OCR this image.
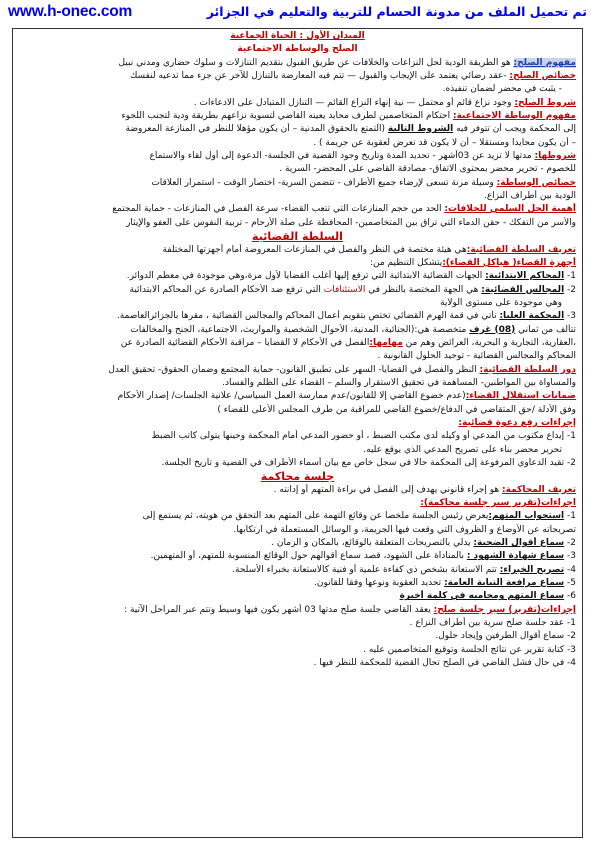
www.h-onec.com	تم تحميل الملف من مدونة الحسام للتربية والتعليم في الجزائر
الميدان الأول : الحياة الجماعية
الصلح والوساطة الاجتماعية
مفهوم الصلح: هو الطريقة الودية لحل النزاعات والخلافات عن طريق القبول بتقديم التنازلات و سلوك حضاري ومدني نبيل
خصائص الصلح: -عقد رضائي يعتمد على الإيجاب والقبول — تتم فيه المعارضة بالتنازل للآخر عن جزء مما تدعيه لنفسك
- يثبت في محضر لضمان تنفيذه.
شروط الصلح: وجود نزاع قائم أو محتمل — نية إنهاء النزاع القائم — التنازل المتبادل على الادعاءات .
مفهوم الوساطة الاجتماعية: احتكام المتخاصمين لطرف محايد يعينه القاضي لتسوية نزاعهم بطريقة ودية لتجنب اللجوء
إلى المحكمة ويجب أن تتوفر فيه الشروط التالية (التمتع بالحقوق المدنية – أن يكون مؤهلا للنظر في المنازعة المعروضة
– أن يكون محايدا ومستقلا – أن لا يكون قد تعرض لعقوبة عن جريمة ) .
شروطها: مدتها لا تزيد عن 03أشهر - تحديد المدة وتاريخ وجود القضية في الجلسة- الدعوة إلى أول لقاء والاستماع
للخصوم - تحرير محضر بمحتوى الاتفاق- مصادقة القاضي على المحضر- السرية .
خصائص الوساطة: وسيلة مرنة تسعى لإرضاء جميع الأطراف - تتضمن السرية- اختصار الوقت - استمرار العلاقات
الودية بين أطراف النزاع.
أهمية الحل السلمي للخلافات: الحد من حجم المنازعات التي تتعب القضاء- سرعة الفصل في المنازعات - حماية المجتمع
والأسر من التفكك - حقن الدماء التي تراق بين المتخاصمين- المحافظة على صلة الأرحام - تربية النفوس على العفو والإيثار
السلطة القضائية
تعريف السلطة القضائية:هي هيئة مختصة في النظر والفصل في المنازعات المعروضة أمام أجهزتها المختلفة
أجهزة القضاء( هياكل القضاء):يتشكل التنظيم من:
1- المحاكم الابتدائية: الجهات القضائية الابتدائية التي ترفع إليها أغلب القضايا لأول مرة،وهي موجودة في معظم الدوائر.
2- المجالس القضائية: هي الجهة المختصة بالنظر في الاستئنافات التي ترفع ضد الأحكام الصادرة عن المحاكم الابتدائية
وهي موجودة على مستوى الولاية
3- المحكمة العليا: تأتي في قمة الهرم القضائي تختص بتقويم أعمال المحاكم والمجالس القضائية ، مقرها بالجزائرالعاصمة.
تتألف من ثماني (08) غرف متخصصة هي:(الجنائية، المدنية، الأحوال الشخصية والمواريث، الاجتماعية، الجنح والمخالفات
،العقارية، التجارية و البحرية، العرائض وهم من مهامها:الفصل في الأحكام لا القضايا – مراقبة الأحكام القضائية الصادرة عن
المحاكم والمجالس القضائية - توحيد الحلول القانونية .
دور السلطة القضائية: النظر والفصل في القضايا- السهر على تطبيق القانون- حماية المجتمع وضمان الحقوق- تحقيق العدل
والمساواة بين المواطنين- المساهمة في تحقيق الاستقرار والسلم – القضاء على الظلم والفساد.
ضمانات استقلال القضاء:(عدم خضوع القاضي إلا للقانون/عدم ممارسة العمل السياسي/ علانية الجلسات/ إصدار الأحكام
وفق الأدلة /حق المتقاضي في الدفاع/خضوع القاضي للمراقبة من طرف المجلس الأعلى للقضاء )
إجراءات رفع دعوة قضائية:
1- إيداع مكتوب من المدعي أو وكيله لدى مكتب الضبط ، أو حضور المدعي أمام المحكمة وحينها يتولى كاتب الضبط
تحرير محضر بناء على تصريح المدعي الذي يوقع عليه.
2- تقيد الدعاوي المرفوعة إلى المحكمة حالا في سجل خاص مع بيان أسماء الأطراف في القضية و تاريخ الجلسة.
جلسة محاكمة
تعريف المحاكمة: هو إجراء قانوني يهدف إلى الفصل في براءة المتهم أو إدانته .
اجراءات(تقرير سير جلسة محاكمة):
1- استجواب المتهم:يعرض رئيس الجلسة ملخصا عن وقائع التهمة على المتهم بعد التحقق من هويته، ثم يستمع إلى
تصريحاته عن الأوضاع و الظروف التي وقعت فيها الجريمة، و الوسائل المستعملة في ارتكابها.
2- سماع أقوال الضحية: يدلي بالتصريحات المتعلقة بالوقائع، بالمكان و الزمان .
3- سماع شهادة الشهود : بالمناداة على الشهود، قصد سماع أقوالهم حول الوقائع المنسوبة للمتهم، أو المتهمين.
4- تصريح الخبراء: تتم الاستعانة بشخص ذي كفاءة علمية أو فنية كالاستعانة بخبراء الأسلحة.
5- سماع مرافعة النيابة العامة: تحديد العقوبة ونوعها وفقا للقانون.
6- سماع المتهم ومحاميه في كلمة أخيرة
إجراءات(تقرير) سير جلسة صلح: يعقد القاضي جلسة صلح مدتها 03 أشهر يكون فيها وسيط وتتم عبر المراحل الآتية :
1- عقد جلسة صلح سرية بين أطراف النزاع .
2- سماع أقوال الطرفين وإيجاد حلول.
3- كتابة تقرير عن نتائج الجلسة وتوقيع المتخاصمين عليه .
4- في حال فشل القاضي في الصلح تحال القضية للمحكمة للنظر فيها .
